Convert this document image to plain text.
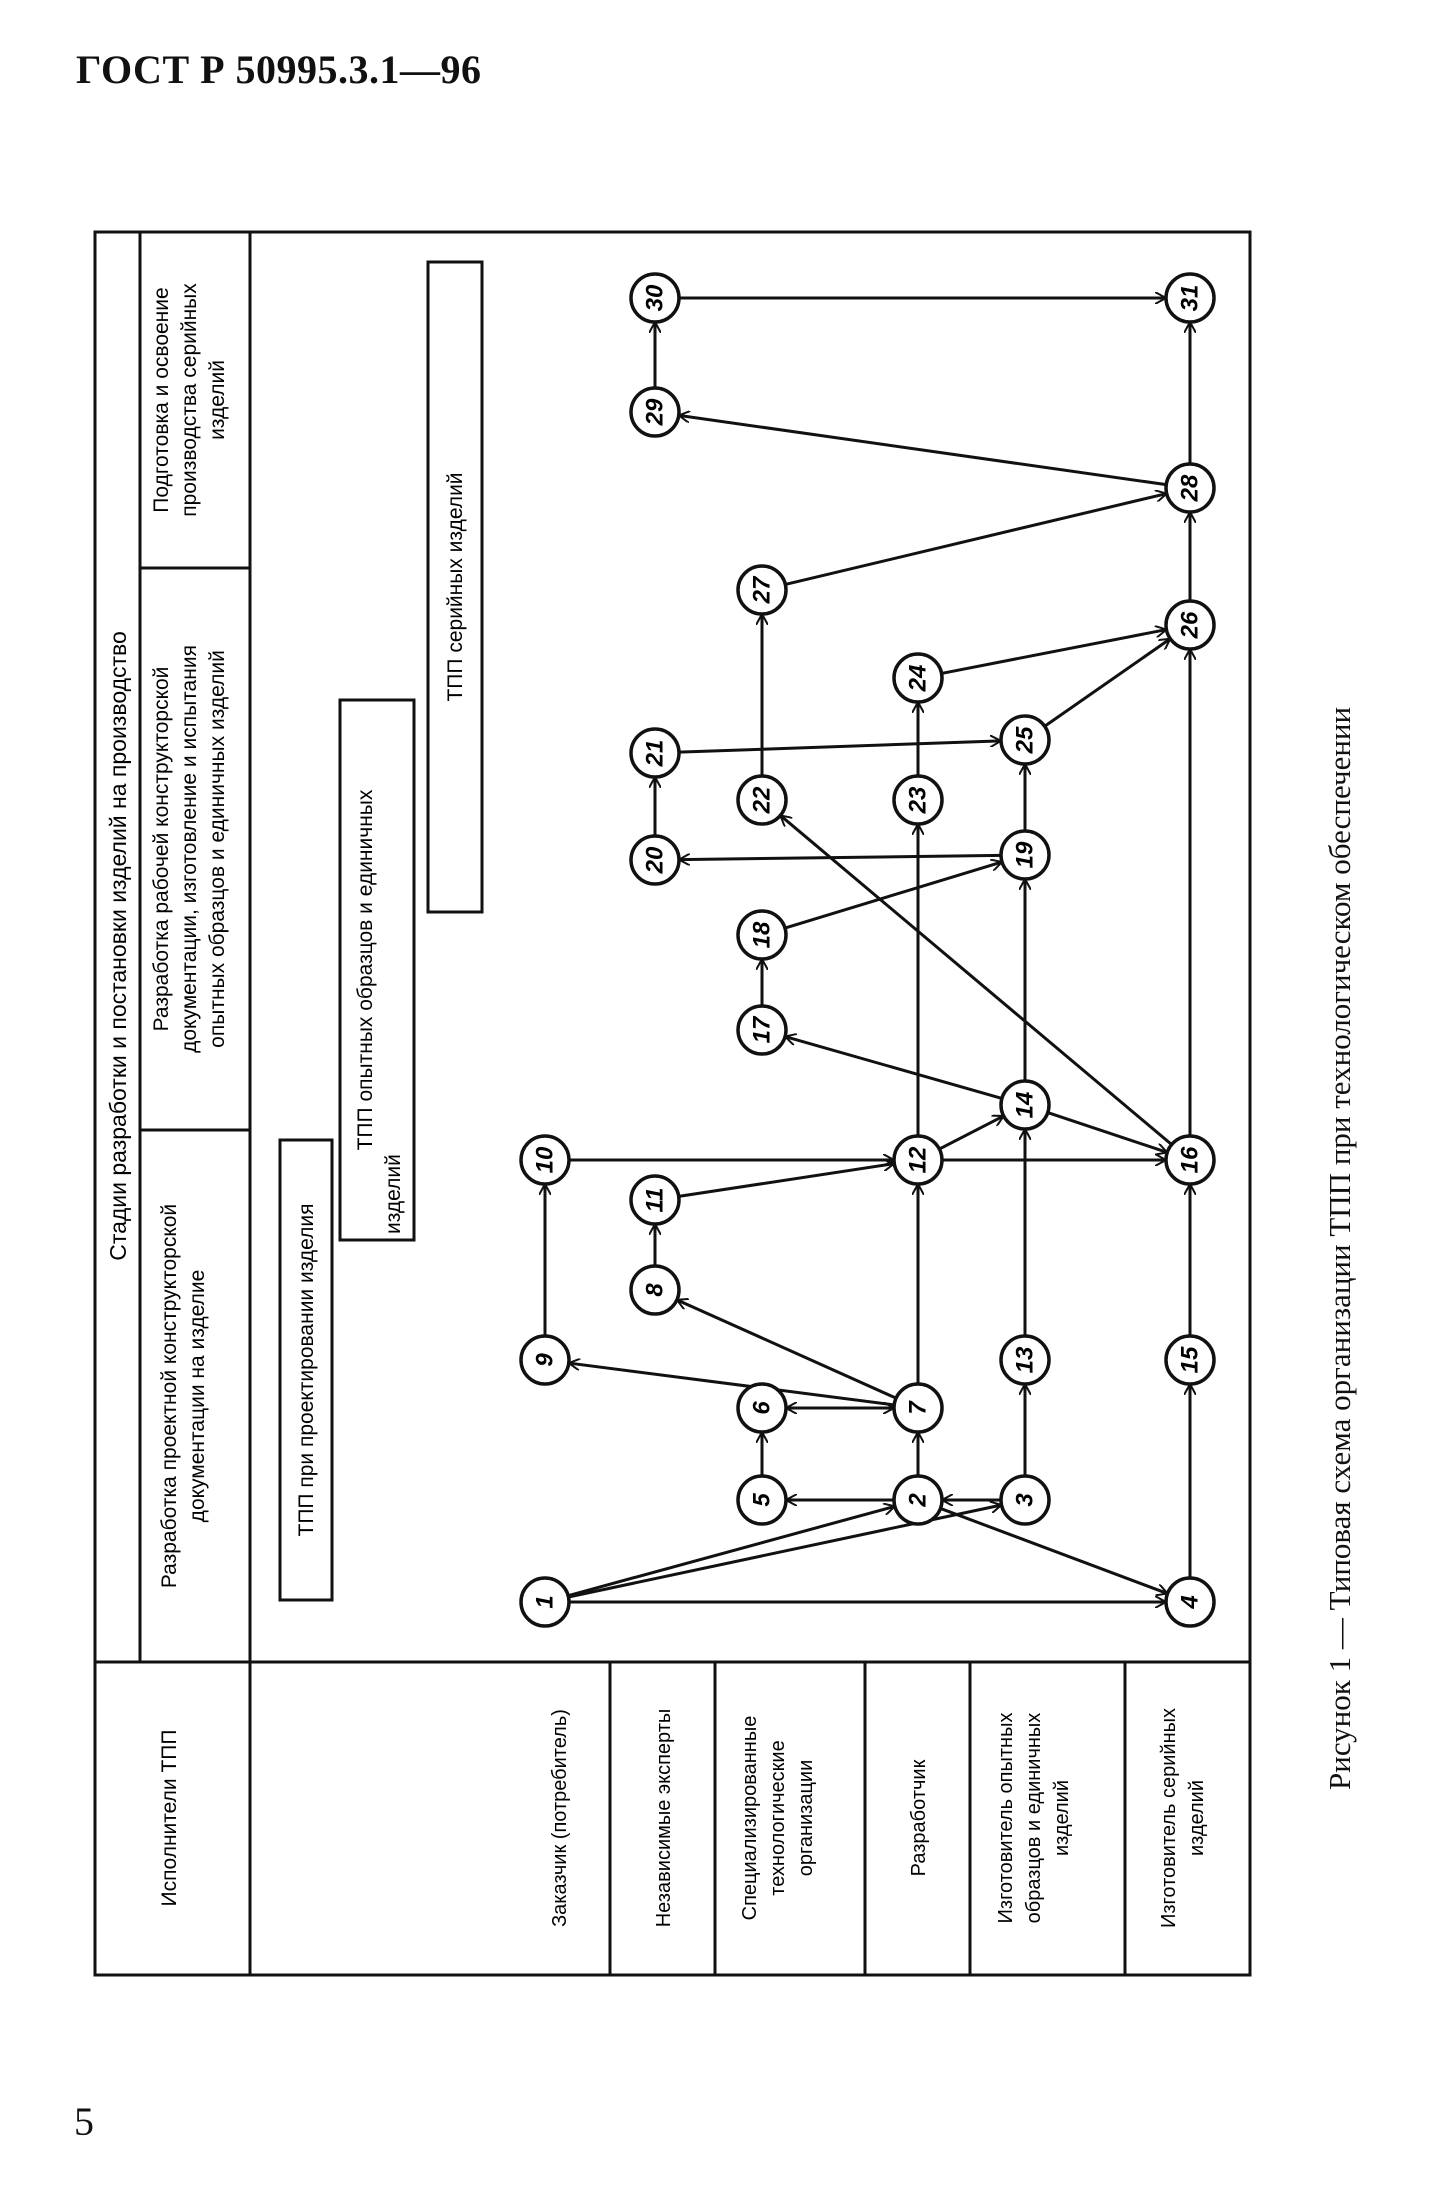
ГОСТ Р 50995.3.1—96
Стадии разработки и постановки изделий на производство
Разработка проектной конструкторской документации на изделие
Разработка рабочей конструкторской документации, изготовление и испытания опытных образцов и единичных изделий
Подготовка и освоение производства серийных изделий
Исполнители ТПП	Заказчик (потребитель)	Независимые эксперты	Специализированные технологические организации	Разработчик	Изготовитель опытных образцов и единичных изделий	Изготовитель серийных изделий
ТПП при проектировании изделия
ТПП опытных образцов и единичных
изделий
ТПП серийных изделий
1
2	3
4
5
6	7
8
9
10
11
12
13
14
15
16
17
18
19
20
21
22	23
24
25
26
27
28
29
30	31
Рисунок 1 — Типовая схема организации ТПП при технологическом обеспечении
5
